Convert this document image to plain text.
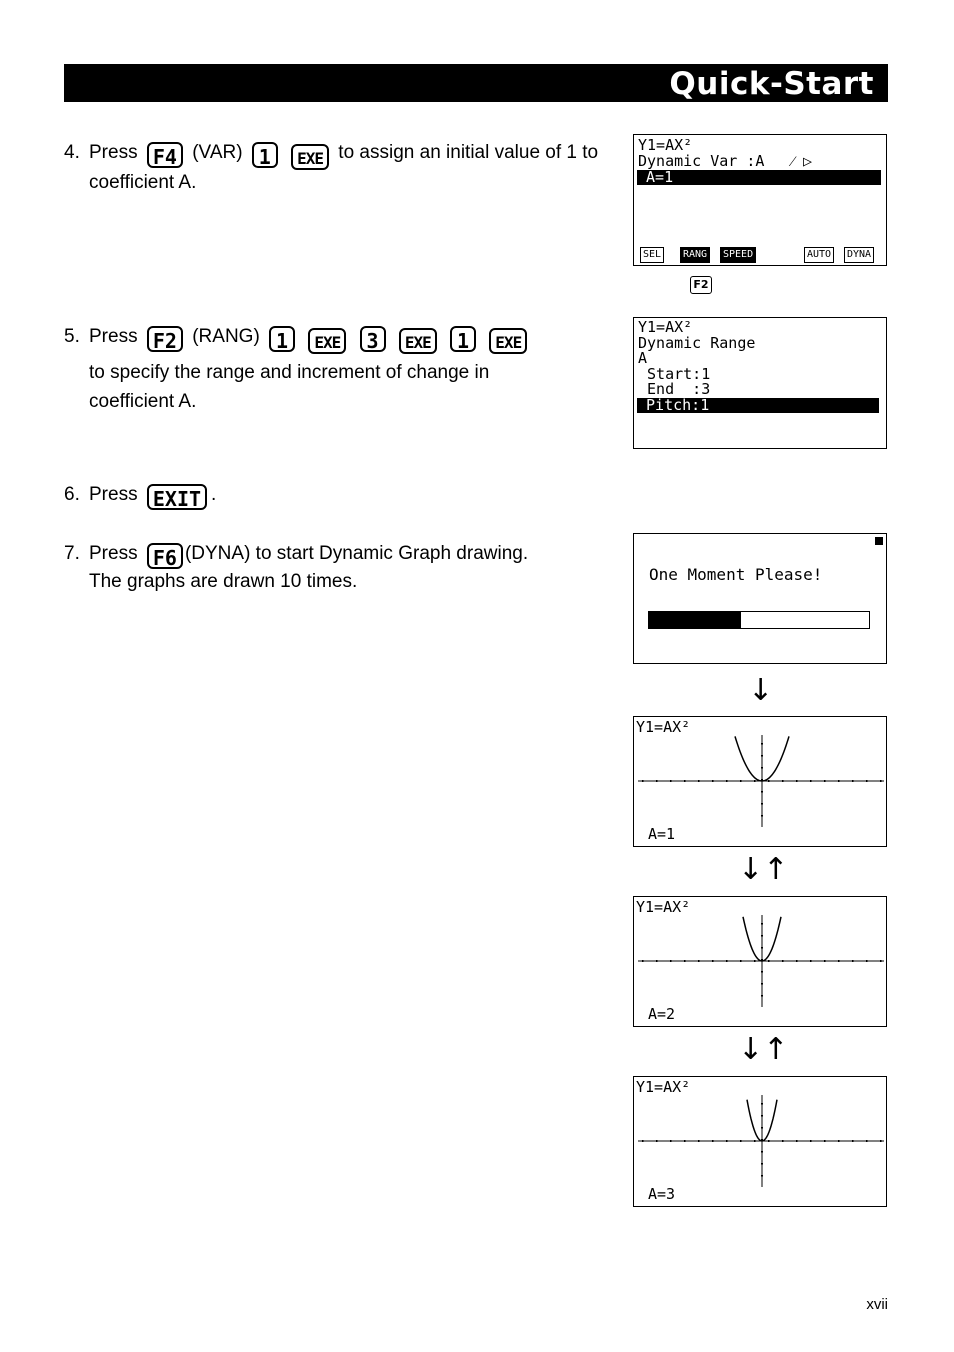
Quick-Start
4. Press F4 (VAR) 1 EXE to assign an initial value of 1 to coefficient A.
Y1=AX²
Dynamic Var :A   ⁄ ▷
A=1
SEL	RANG	SPEED	AUTO	DYNA
F2
5. Press F2 (RANG) 1 EXE 3 EXE 1 EXE
to specify the range and increment of change in coefficient A.
Y1=AX²
Dynamic Range
A
Start:1
End  :3
Pitch:1
6. Press EXIT .
7. Press F6 (DYNA) to start Dynamic Graph drawing.
The graphs are drawn 10 times.	One Moment Please!
↓
Y1=AX²
A=1
↓↑
Y1=AX²
A=2
↓↑
Y1=AX²
A=3
xvii
